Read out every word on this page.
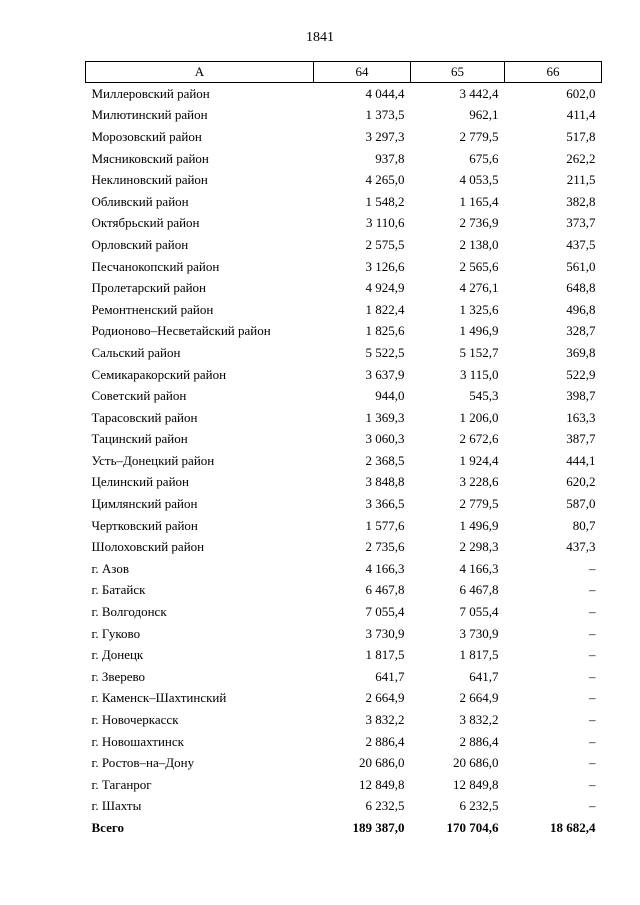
1841
А	64	65	66
Миллеровский район	4 044,4	3 442,4	602,0
Милютинский район	1 373,5	962,1	411,4
Морозовский район	3 297,3	2 779,5	517,8
Мясниковский район	937,8	675,6	262,2
Неклиновский район	4 265,0	4 053,5	211,5
Обливский район	1 548,2	1 165,4	382,8
Октябрьский район	3 110,6	2 736,9	373,7
Орловский район	2 575,5	2 138,0	437,5
Песчанокопский район	3 126,6	2 565,6	561,0
Пролетарский район	4 924,9	4 276,1	648,8
Ремонтненский район	1 822,4	1 325,6	496,8
Родионово–Несветайский район	1 825,6	1 496,9	328,7
Сальский район	5 522,5	5 152,7	369,8
Семикаракорский район	3 637,9	3 115,0	522,9
Советский район	944,0	545,3	398,7
Тарасовский район	1 369,3	1 206,0	163,3
Тацинский район	3 060,3	2 672,6	387,7
Усть–Донецкий район	2 368,5	1 924,4	444,1
Целинский район	3 848,8	3 228,6	620,2
Цимлянский район	3 366,5	2 779,5	587,0
Чертковский район	1 577,6	1 496,9	80,7
Шолоховский район	2 735,6	2 298,3	437,3
г. Азов	4 166,3	4 166,3	–
г. Батайск	6 467,8	6 467,8	–
г. Волгодонск	7 055,4	7 055,4	–
г. Гуково	3 730,9	3 730,9	–
г. Донецк	1 817,5	1 817,5	–
г. Зверево	641,7	641,7	–
г. Каменск–Шахтинский	2 664,9	2 664,9	–
г. Новочеркасск	3 832,2	3 832,2	–
г. Новошахтинск	2 886,4	2 886,4	–
г. Ростов–на–Дону	20 686,0	20 686,0	–
г. Таганрог	12 849,8	12 849,8	–
г. Шахты	6 232,5	6 232,5	–
Всего	189 387,0	170 704,6	18 682,4
